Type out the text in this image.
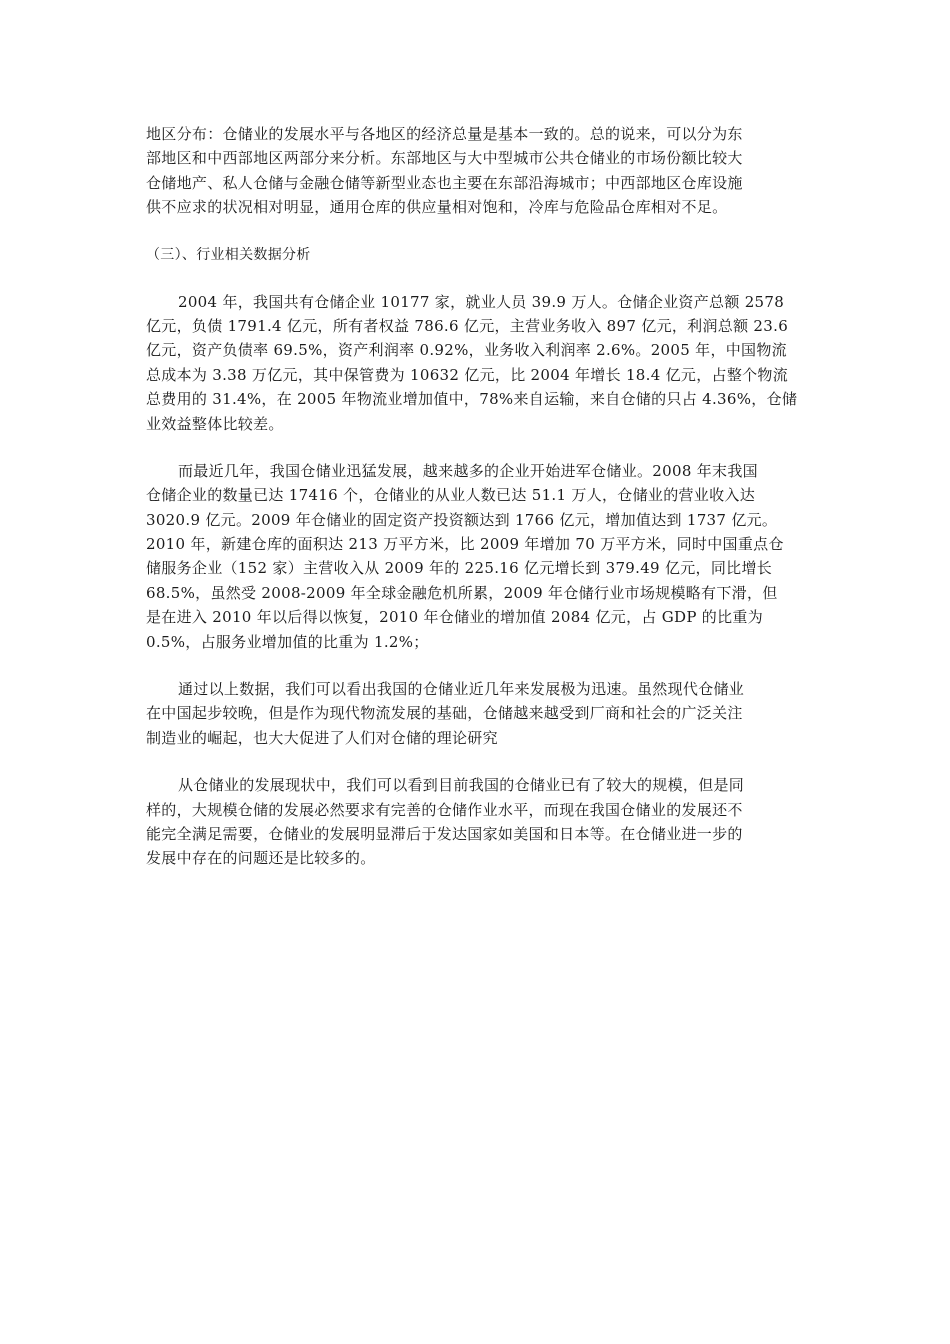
地区分布：仓储业的发展水平与各地区的经济总量是基本一致的。总的说来，可以分为东
部地区和中西部地区两部分来分析。东部地区与大中型城市公共仓储业的市场份额比较大
仓储地产、私人仓储与金融仓储等新型业态也主要在东部沿海城市；中西部地区仓库设施
供不应求的状况相对明显，通用仓库的供应量相对饱和，冷库与危险品仓库相对不足。
（三）、行业相关数据分析
2004 年，我国共有仓储企业 10177 家，就业人员 39.9 万人。仓储企业资产总额 2578
亿元，负债 1791.4 亿元，所有者权益 786.6 亿元，主营业务收入 897 亿元，利润总额 23.6
亿元，资产负债率 69.5%，资产利润率 0.92%，业务收入利润率 2.6%。2005 年，中国物流
总成本为 3.38 万亿元，其中保管费为 10632 亿元，比 2004 年增长 18.4 亿元，占整个物流
总费用的 31.4%，在 2005 年物流业增加值中，78%来自运输，来自仓储的只占 4.36%，仓储
业效益整体比较差。
而最近几年，我国仓储业迅猛发展，越来越多的企业开始进军仓储业。2008 年末我国
仓储企业的数量已达 17416 个，仓储业的从业人数已达 51.1 万人，仓储业的营业收入达
3020.9 亿元。2009 年仓储业的固定资产投资额达到 1766 亿元，增加值达到 1737 亿元。
2010 年，新建仓库的面积达 213 万平方米，比 2009 年增加 70 万平方米，同时中国重点仓
储服务企业（152 家）主营收入从 2009 年的 225.16 亿元增长到 379.49 亿元，同比增长
68.5%，虽然受 2008-2009 年全球金融危机所累，2009 年仓储行业市场规模略有下滑，但
是在进入 2010 年以后得以恢复，2010 年仓储业的增加值 2084 亿元，占 GDP 的比重为
0.5%，占服务业增加值的比重为 1.2%；
通过以上数据，我们可以看出我国的仓储业近几年来发展极为迅速。虽然现代仓储业
在中国起步较晚，但是作为现代物流发展的基础，仓储越来越受到厂商和社会的广泛关注
制造业的崛起，也大大促进了人们对仓储的理论研究
从仓储业的发展现状中，我们可以看到目前我国的仓储业已有了较大的规模，但是同
样的，大规模仓储的发展必然要求有完善的仓储作业水平，而现在我国仓储业的发展还不
能完全满足需要，仓储业的发展明显滞后于发达国家如美国和日本等。在仓储业进一步的
发展中存在的问题还是比较多的。
